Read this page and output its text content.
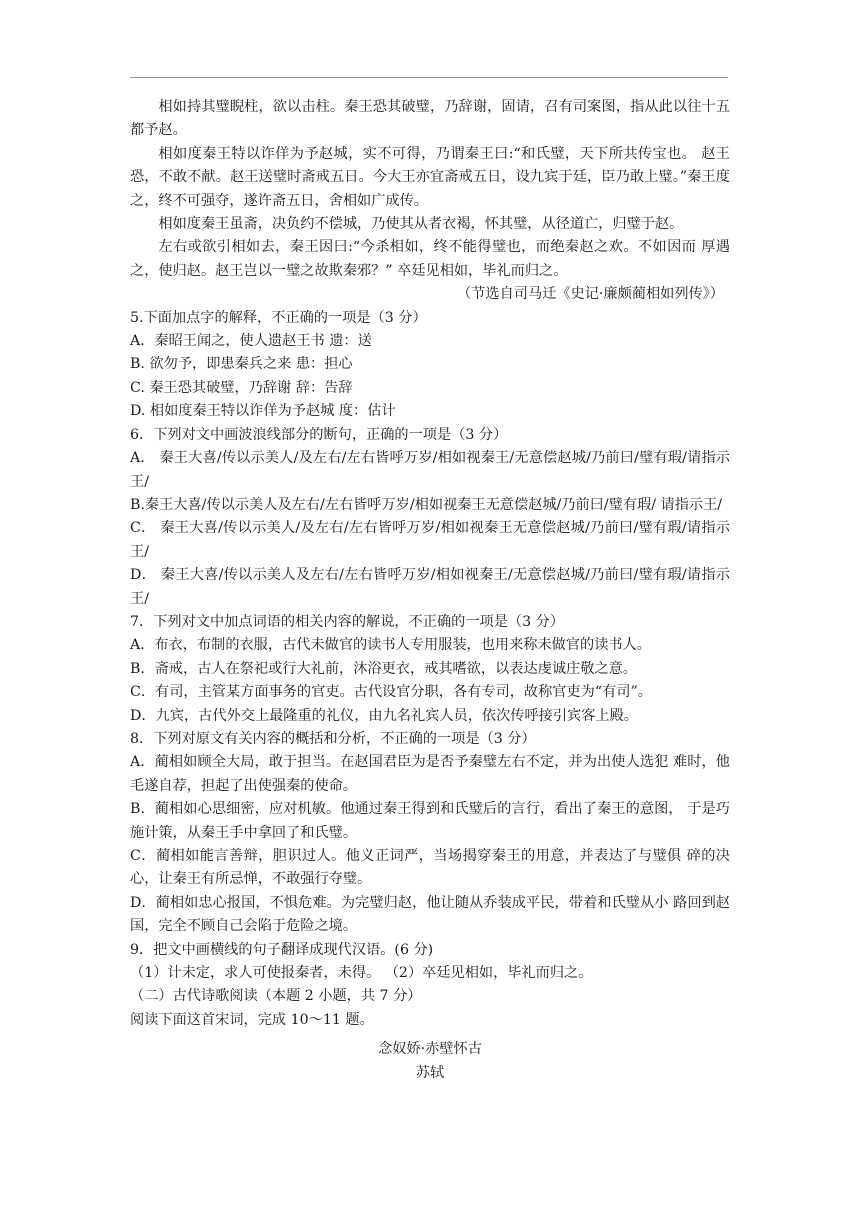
相如持其璧睨柱，欲以击柱。秦王恐其破璧，乃辞谢，固请，召有司案图，指从此以往十五都予赵。

相如度秦王特以诈佯为予赵城，实不可得，乃谓秦王曰:“和氏璧，天下所共传宝也。 赵王恐，不敢不献。赵王送璧时斋戒五日。今大王亦宜斋戒五日，设九宾于廷，臣乃敢上璧。”秦王度之，终不可强夺，遂许斋五日，舍相如广成传。

相如度秦王虽斋，决负约不偿城，乃使其从者衣褐，怀其璧，从径道亡，归璧于赵。

左右或欲引相如去，秦王因曰:“今杀相如，终不能得璧也，而绝秦赵之欢。不如因而 厚遇之，使归赵。赵王岂以一璧之故欺秦邪？” 卒廷见相如，毕礼而归之。

（节选自司马迁《史记·廉颇蔺相如列传》）

5.下面加点字的解释，不正确的一项是（3 分）

A．秦昭王闻之，使人遗赵王书 遗：送

B. 欲勿予，即患秦兵之来 患：担心

C. 秦王恐其破璧，乃辞谢 辞：告辞

D. 相如度秦王特以诈佯为予赵城 度：估计

6．下列对文中画波浪线部分的断句，正确的一项是（3 分）

A． 秦王大喜/传以示美人/及左右/左右皆呼万岁/相如视秦王/无意偿赵城/乃前曰/璧有瑕/请指示王/

B.秦王大喜/传以示美人及左右/左右皆呼万岁/相如视秦王无意偿赵城/乃前曰/璧有瑕/ 请指示王/

C． 秦王大喜/传以示美人/及左右/左右皆呼万岁/相如视秦王无意偿赵城/乃前曰/璧有瑕/请指示王/

D． 秦王大喜/传以示美人及左右/左右皆呼万岁/相如视秦王/无意偿赵城/乃前曰/璧有瑕/请指示王/

7．下列对文中加点词语的相关内容的解说，不正确的一项是（3 分）

A．布衣，布制的衣服，古代未做官的读书人专用服装，也用来称未做官的读书人。

B．斋戒，古人在祭祀或行大礼前，沐浴更衣，戒其嗜欲，以表达虔诚庄敬之意。

C．有司，主管某方面事务的官吏。古代设官分职，各有专司，故称官吏为“有司”。

D．九宾，古代外交上最隆重的礼仪，由九名礼宾人员，依次传呼接引宾客上殿。

8．下列对原文有关内容的概括和分析，不正确的一项是（3 分）

A．蔺相如顾全大局，敢于担当。在赵国君臣为是否予秦璧左右不定，并为出使人选犯 难时，他毛遂自荐，担起了出使强秦的使命。

B．蔺相如心思细密，应对机敏。他通过秦王得到和氏璧后的言行，看出了秦王的意图， 于是巧施计策，从秦王手中拿回了和氏璧。

C．蔺相如能言善辩，胆识过人。他义正词严，当场揭穿秦王的用意，并表达了与璧俱 碎的决心，让秦王有所忌惮，不敢强行夺璧。

D．蔺相如忠心报国，不惧危难。为完璧归赵，他让随从乔装成平民，带着和氏璧从小 路回到赵国，完全不顾自己会陷于危险之境。

9．把文中画横线的句子翻译成现代汉语。(6 分)

（1）计未定，求人可使报秦者，未得。 （2）卒廷见相如，毕礼而归之。

（二）古代诗歌阅读（本题 2 小题，共 7 分）

阅读下面这首宋词，完成 10～11 题。

念奴娇·赤壁怀古

苏轼
